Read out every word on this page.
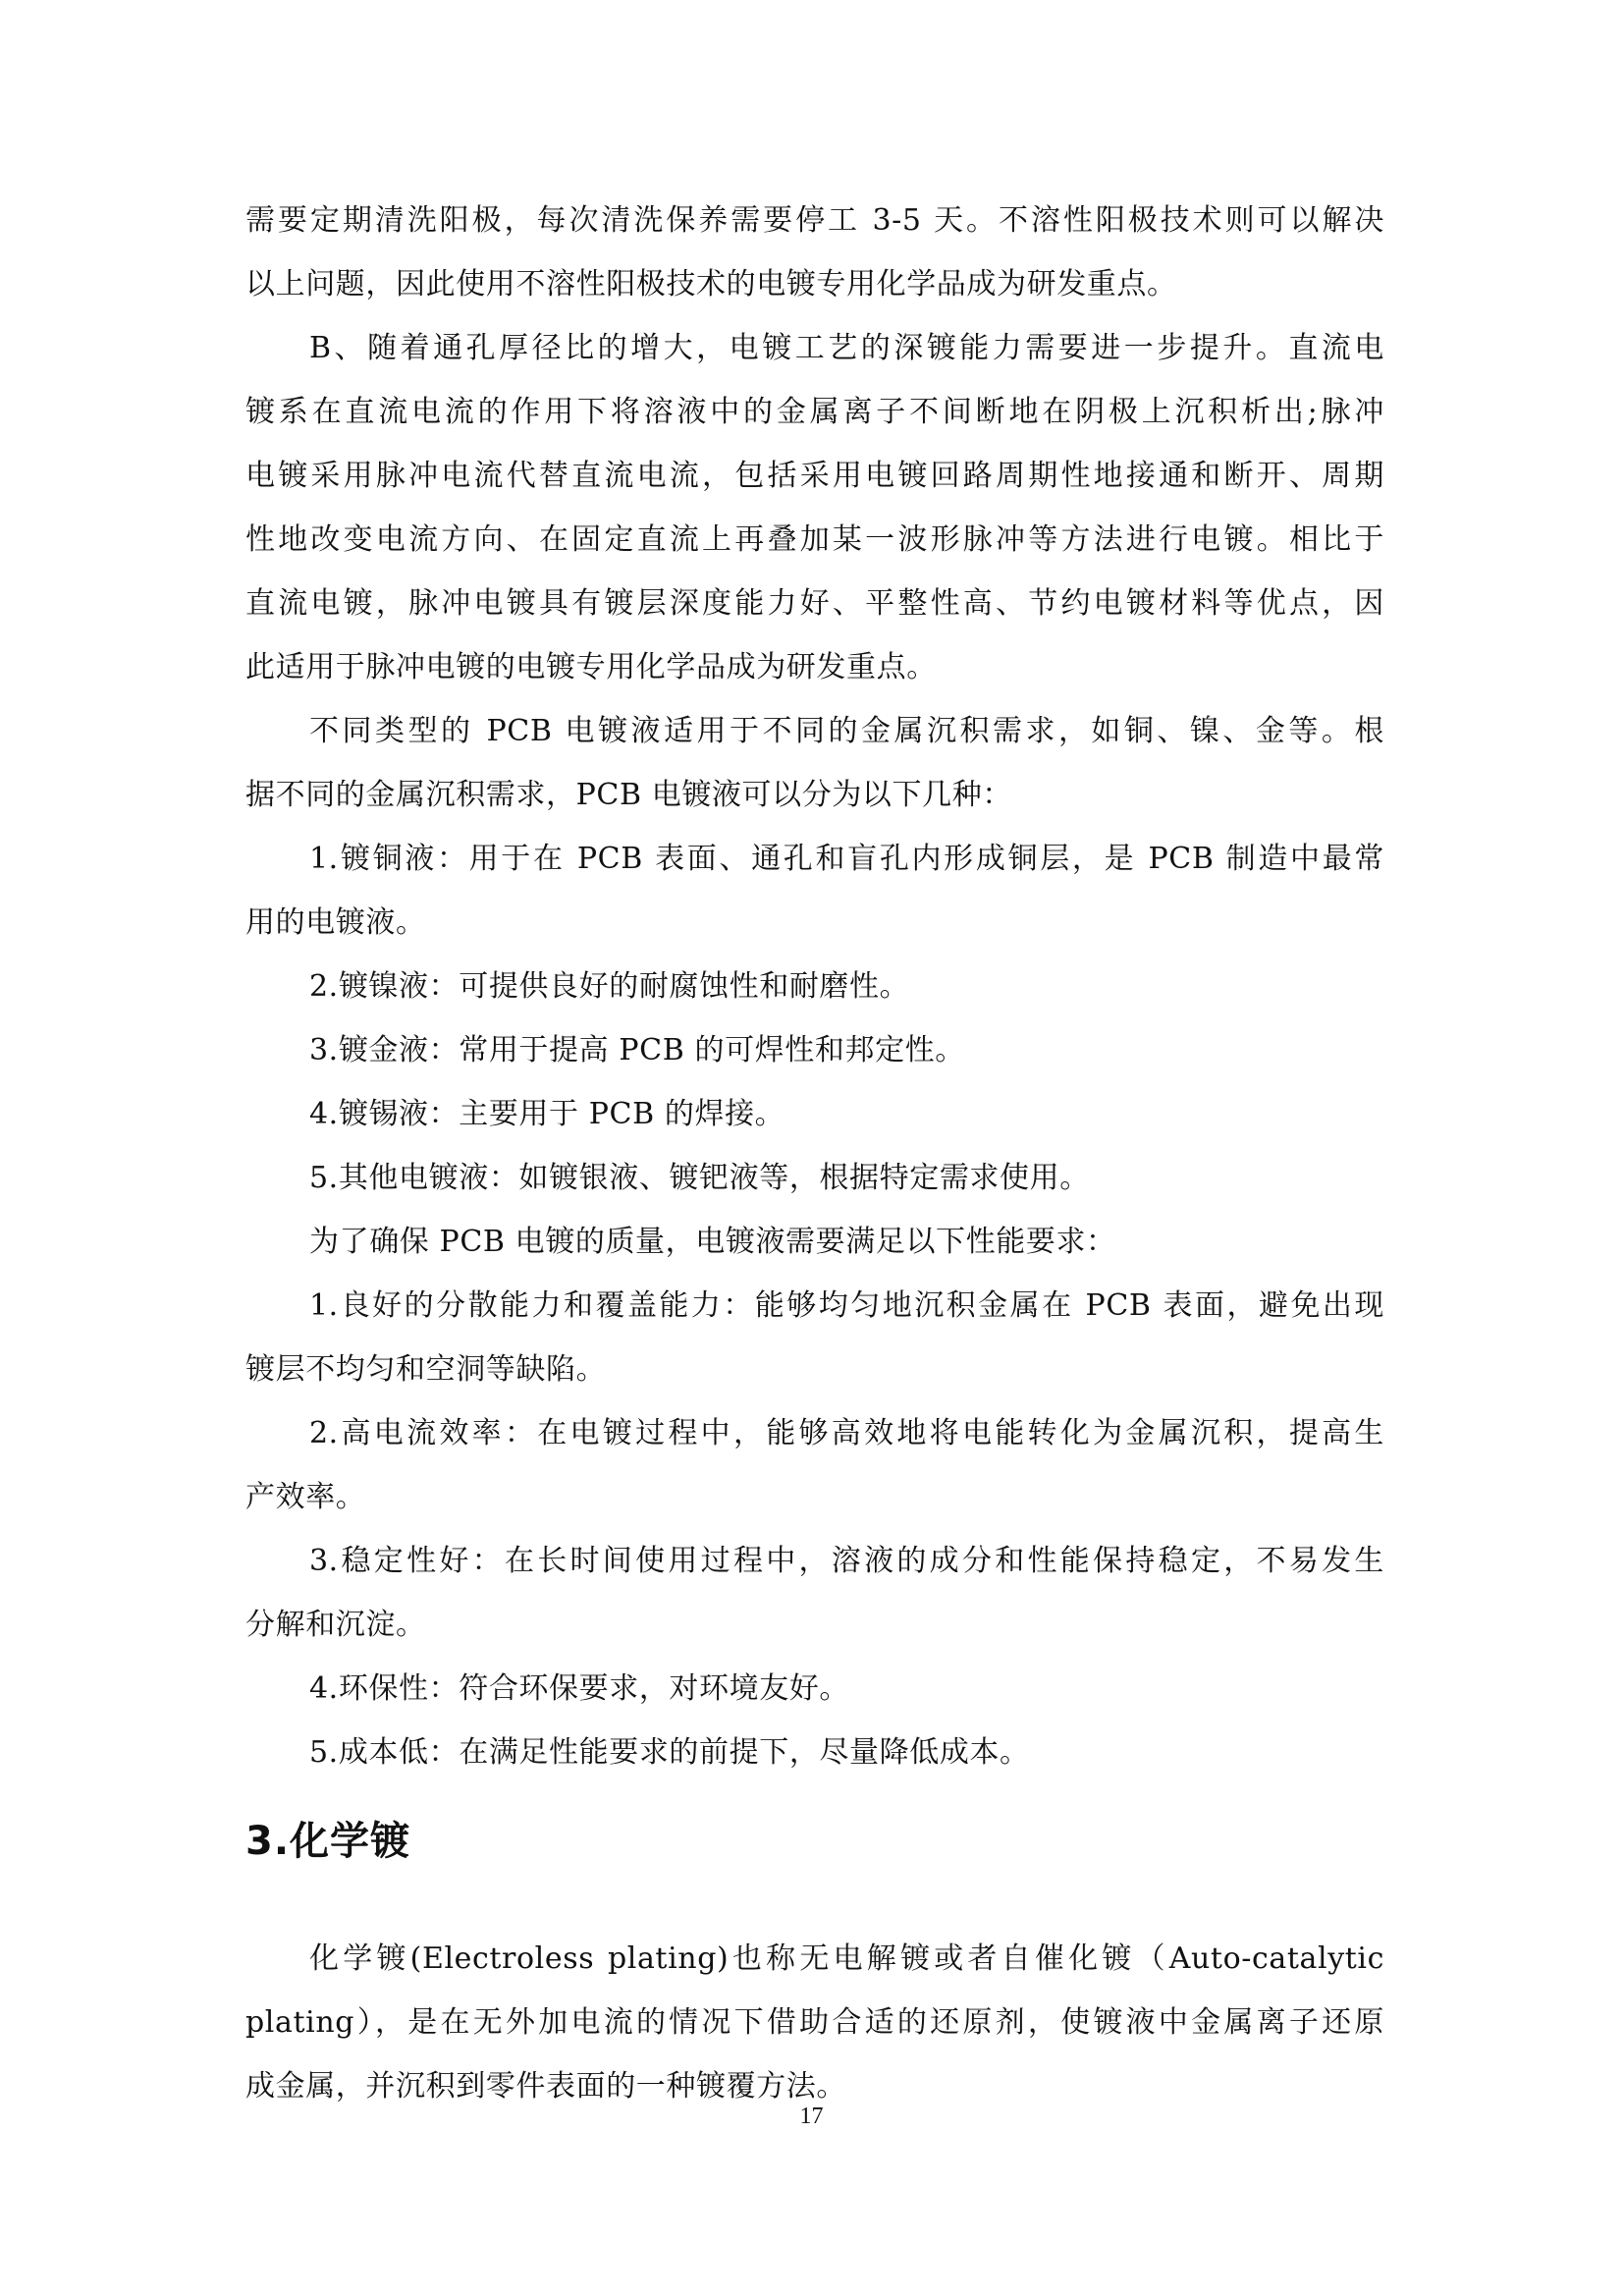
需要定期清洗阳极，每次清洗保养需要停工 3-5 天。不溶性阳极技术则可以解决
以上问题，因此使用不溶性阳极技术的电镀专用化学品成为研发重点。
B、随着通孔厚径比的增大，电镀工艺的深镀能力需要进一步提升。直流电
镀系在直流电流的作用下将溶液中的金属离子不间断地在阴极上沉积析出;脉冲
电镀采用脉冲电流代替直流电流，包括采用电镀回路周期性地接通和断开、周期
性地改变电流方向、在固定直流上再叠加某一波形脉冲等方法进行电镀。相比于
直流电镀，脉冲电镀具有镀层深度能力好、平整性高、节约电镀材料等优点，因
此适用于脉冲电镀的电镀专用化学品成为研发重点。
不同类型的 PCB 电镀液适用于不同的金属沉积需求，如铜、镍、金等。根
据不同的金属沉积需求，PCB 电镀液可以分为以下几种：
1.镀铜液：用于在 PCB 表面、通孔和盲孔内形成铜层，是 PCB 制造中最常
用的电镀液。
2.镀镍液：可提供良好的耐腐蚀性和耐磨性。
3.镀金液：常用于提高 PCB 的可焊性和邦定性。
4.镀锡液：主要用于 PCB 的焊接。
5.其他电镀液：如镀银液、镀钯液等，根据特定需求使用。
为了确保 PCB 电镀的质量，电镀液需要满足以下性能要求：
1.良好的分散能力和覆盖能力：能够均匀地沉积金属在 PCB 表面，避免出现
镀层不均匀和空洞等缺陷。
2.高电流效率：在电镀过程中，能够高效地将电能转化为金属沉积，提高生
产效率。
3.稳定性好：在长时间使用过程中，溶液的成分和性能保持稳定，不易发生
分解和沉淀。
4.环保性：符合环保要求，对环境友好。
5.成本低：在满足性能要求的前提下，尽量降低成本。
3.化学镀
化学镀(Electroless plating)也称无电解镀或者自催化镀（Auto-catalytic
plating），是在无外加电流的情况下借助合适的还原剂，使镀液中金属离子还原
成金属，并沉积到零件表面的一种镀覆方法。
17
